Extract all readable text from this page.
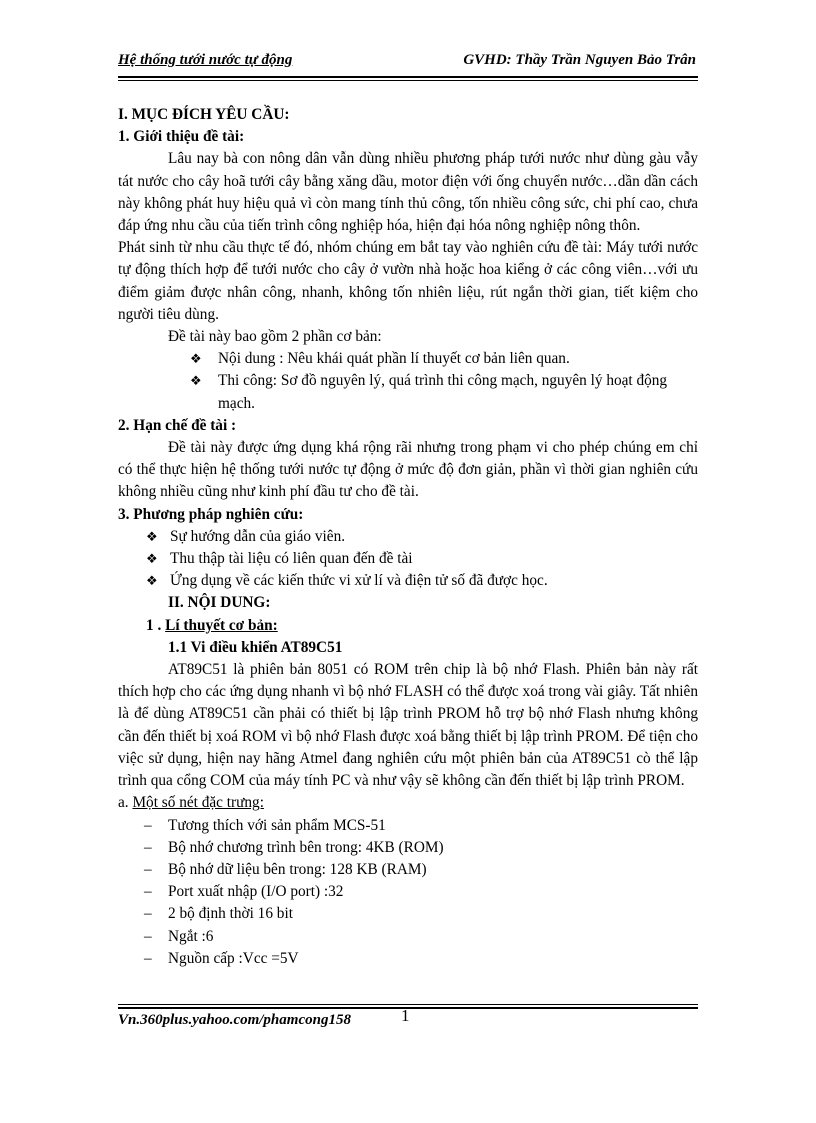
Hệ thống tưới nước tự động	GVHD: Thầy Trần Nguyen Bảo Trân

I. MỤC ĐÍCH YÊU CẦU:

1. Giới thiệu đề tài:

Lâu nay bà con nông dân vẫn dùng nhiều phương pháp tưới nước như dùng gàu vẫy tát nước cho cây hoã tưới cây bằng xăng dầu, motor điện với ống chuyển nước…dần dần cách này không phát huy hiệu quả vì còn mang tính thủ công, tốn nhiều công sức, chi phí cao, chưa đáp ứng nhu cầu của tiến trình công nghiệp hóa, hiện đại hóa nông nghiệp nông thôn.

Phát sinh từ nhu cầu thực tế đó, nhóm chúng em bắt tay vào nghiên cứu đề tài: Máy tưới nước tự động thích hợp để tưới nước cho cây ở vườn nhà hoặc hoa kiểng ở các công viên…với ưu điểm giảm được nhân công, nhanh, không tốn nhiên liệu, rút ngắn thời gian, tiết kiệm cho người tiêu dùng.

Đề tài này bao gồm 2 phần cơ bản:

❖ Nội dung : Nêu khái quát phần lí thuyết cơ bản liên quan.

❖ Thi công: Sơ đồ nguyên lý, quá trình thi công mạch, nguyên lý hoạt động mạch.

2. Hạn chế đề tài :

Đề tài này được ứng dụng khá rộng rãi nhưng trong phạm vi cho phép chúng em chỉ có thể thực hiện hệ thống tưới nước tự động ở mức độ đơn giản, phần vì thời gian nghiên cứu không nhiều cũng như kinh phí đầu tư cho đề tài.

3. Phương pháp nghiên cứu:

❖ Sự hướng dẫn của giáo viên.

❖ Thu thập tài liệu có liên quan đến đề tài

❖ Ứng dụng về các kiến thức vi xử lí và điện tử số đã được học.

II. NỘI DUNG:

1 . Lí thuyết cơ bản:

1.1 Vi điều khiển AT89C51

AT89C51 là phiên bản 8051 có ROM trên chip là bộ nhớ Flash. Phiên bản này rất thích hợp cho các ứng dụng nhanh vì bộ nhớ FLASH có thể được xoá trong vài giây. Tất nhiên là để dùng AT89C51 cần phải có thiết bị lập trình PROM hỗ trợ bộ nhớ Flash nhưng không cần đến thiết bị xoá ROM vì bộ nhớ Flash được xoá bằng thiết bị lập trình PROM. Để tiện cho việc sử dụng, hiện nay hãng Atmel đang nghiên cứu một phiên bản của AT89C51 cò thể lập trình qua cổng COM của máy tính PC và như vậy sẽ không cần đến thiết bị lập trình PROM.

a. Một số nét đặc trưng:

– Tương thích với sản phẩm MCS-51

– Bộ nhớ chương trình bên trong: 4KB (ROM)

– Bộ nhớ dữ liệu bên trong: 128 KB (RAM)

– Port xuất nhập (I/O port) :32

– 2 bộ định thời 16 bit

– Ngắt :6

– Nguồn cấp :Vcc =5V

Vn.360plus.yahoo.com/phamcong158	1
